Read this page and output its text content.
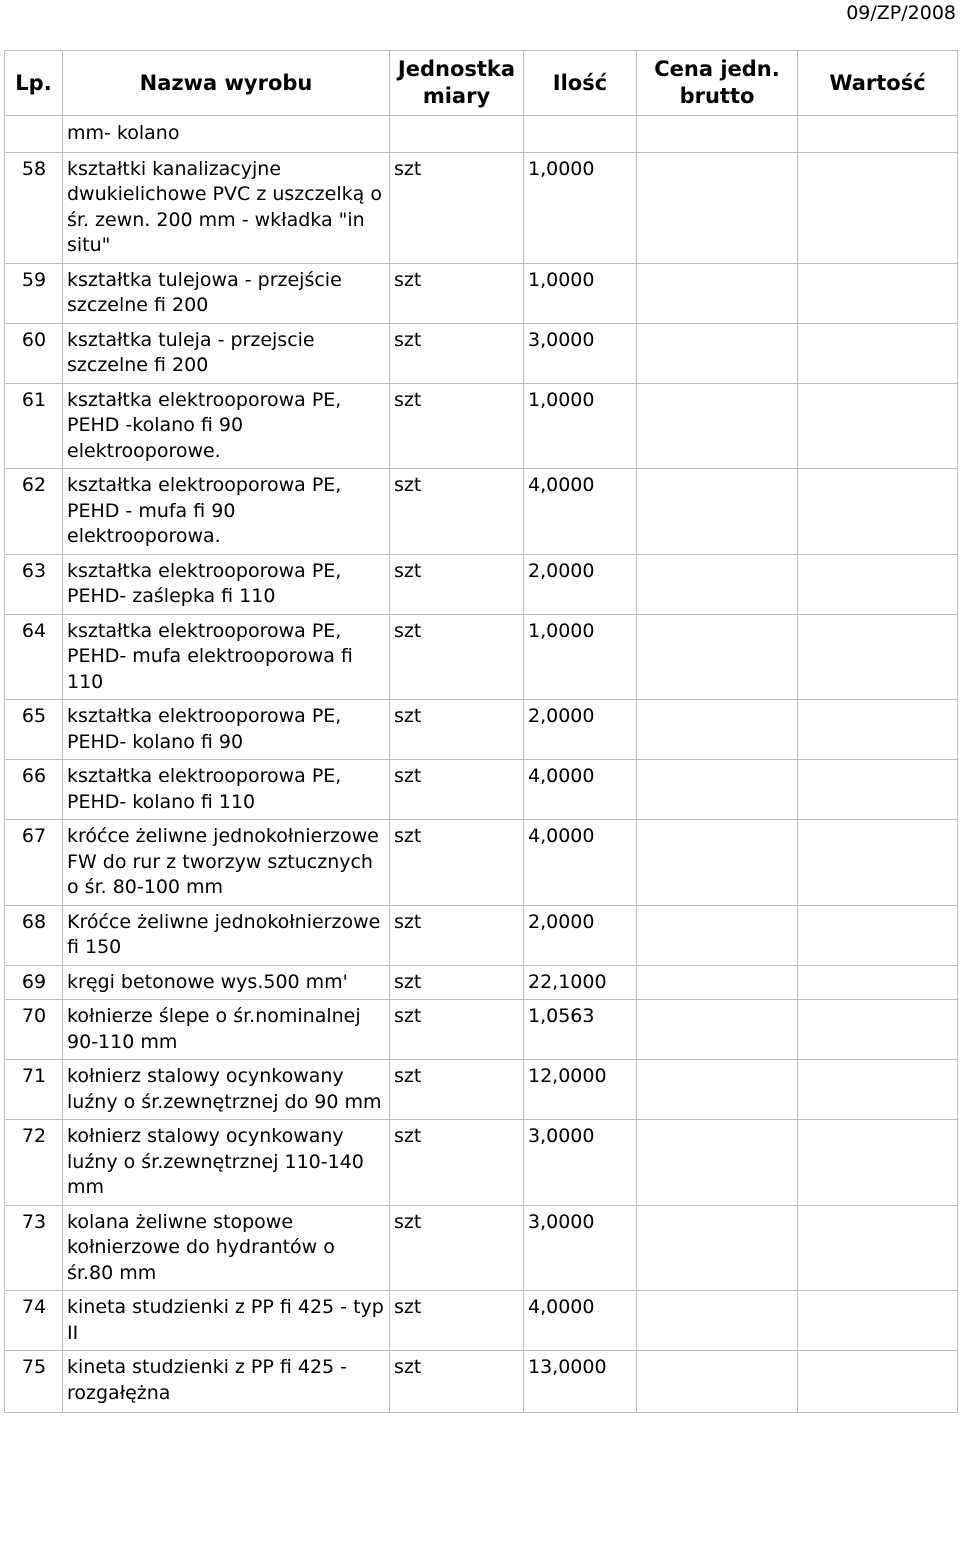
09/ZP/2008
Lp.	Nazwa wyrobu	Jednostka miary	Ilość	Cena jedn. brutto	Wartość
	mm- kolano				
58	kształtki kanalizacyjne dwukielichowe PVC z uszczelką o śr. zewn. 200 mm - wkładka "in situ"	szt	1,0000		
59	kształtka tulejowa - przejście szczelne fi 200	szt	1,0000		
60	kształtka tuleja - przejscie szczelne fi 200	szt	3,0000		
61	kształtka elektrooporowa PE, PEHD -kolano fi 90 elektrooporowe.	szt	1,0000		
62	kształtka elektrooporowa PE, PEHD - mufa fi 90 elektrooporowa.	szt	4,0000		
63	kształtka elektrooporowa PE, PEHD- zaślepka fi 110	szt	2,0000		
64	kształtka elektrooporowa PE, PEHD- mufa elektrooporowa fi 110	szt	1,0000		
65	kształtka elektrooporowa PE, PEHD- kolano fi 90	szt	2,0000		
66	kształtka elektrooporowa PE, PEHD- kolano fi 110	szt	4,0000		
67	króćce żeliwne jednokołnierzowe FW do rur z tworzyw sztucznych o śr. 80-100 mm	szt	4,0000		
68	Króćce żeliwne jednokołnierzowe fi 150	szt	2,0000		
69	kręgi betonowe wys.500 mm'	szt	22,1000		
70	kołnierze ślepe o śr.nominalnej 90-110 mm	szt	1,0563		
71	kołnierz stalowy ocynkowany luźny o śr.zewnętrznej do 90 mm	szt	12,0000		
72	kołnierz stalowy ocynkowany luźny o śr.zewnętrznej 110-140 mm	szt	3,0000		
73	kolana żeliwne stopowe kołnierzowe do hydrantów o śr.80 mm	szt	3,0000		
74	kineta studzienki z PP fi 425 - typ II	szt	4,0000		
75	kineta studzienki z PP fi 425 - rozgałężna	szt	13,0000		
